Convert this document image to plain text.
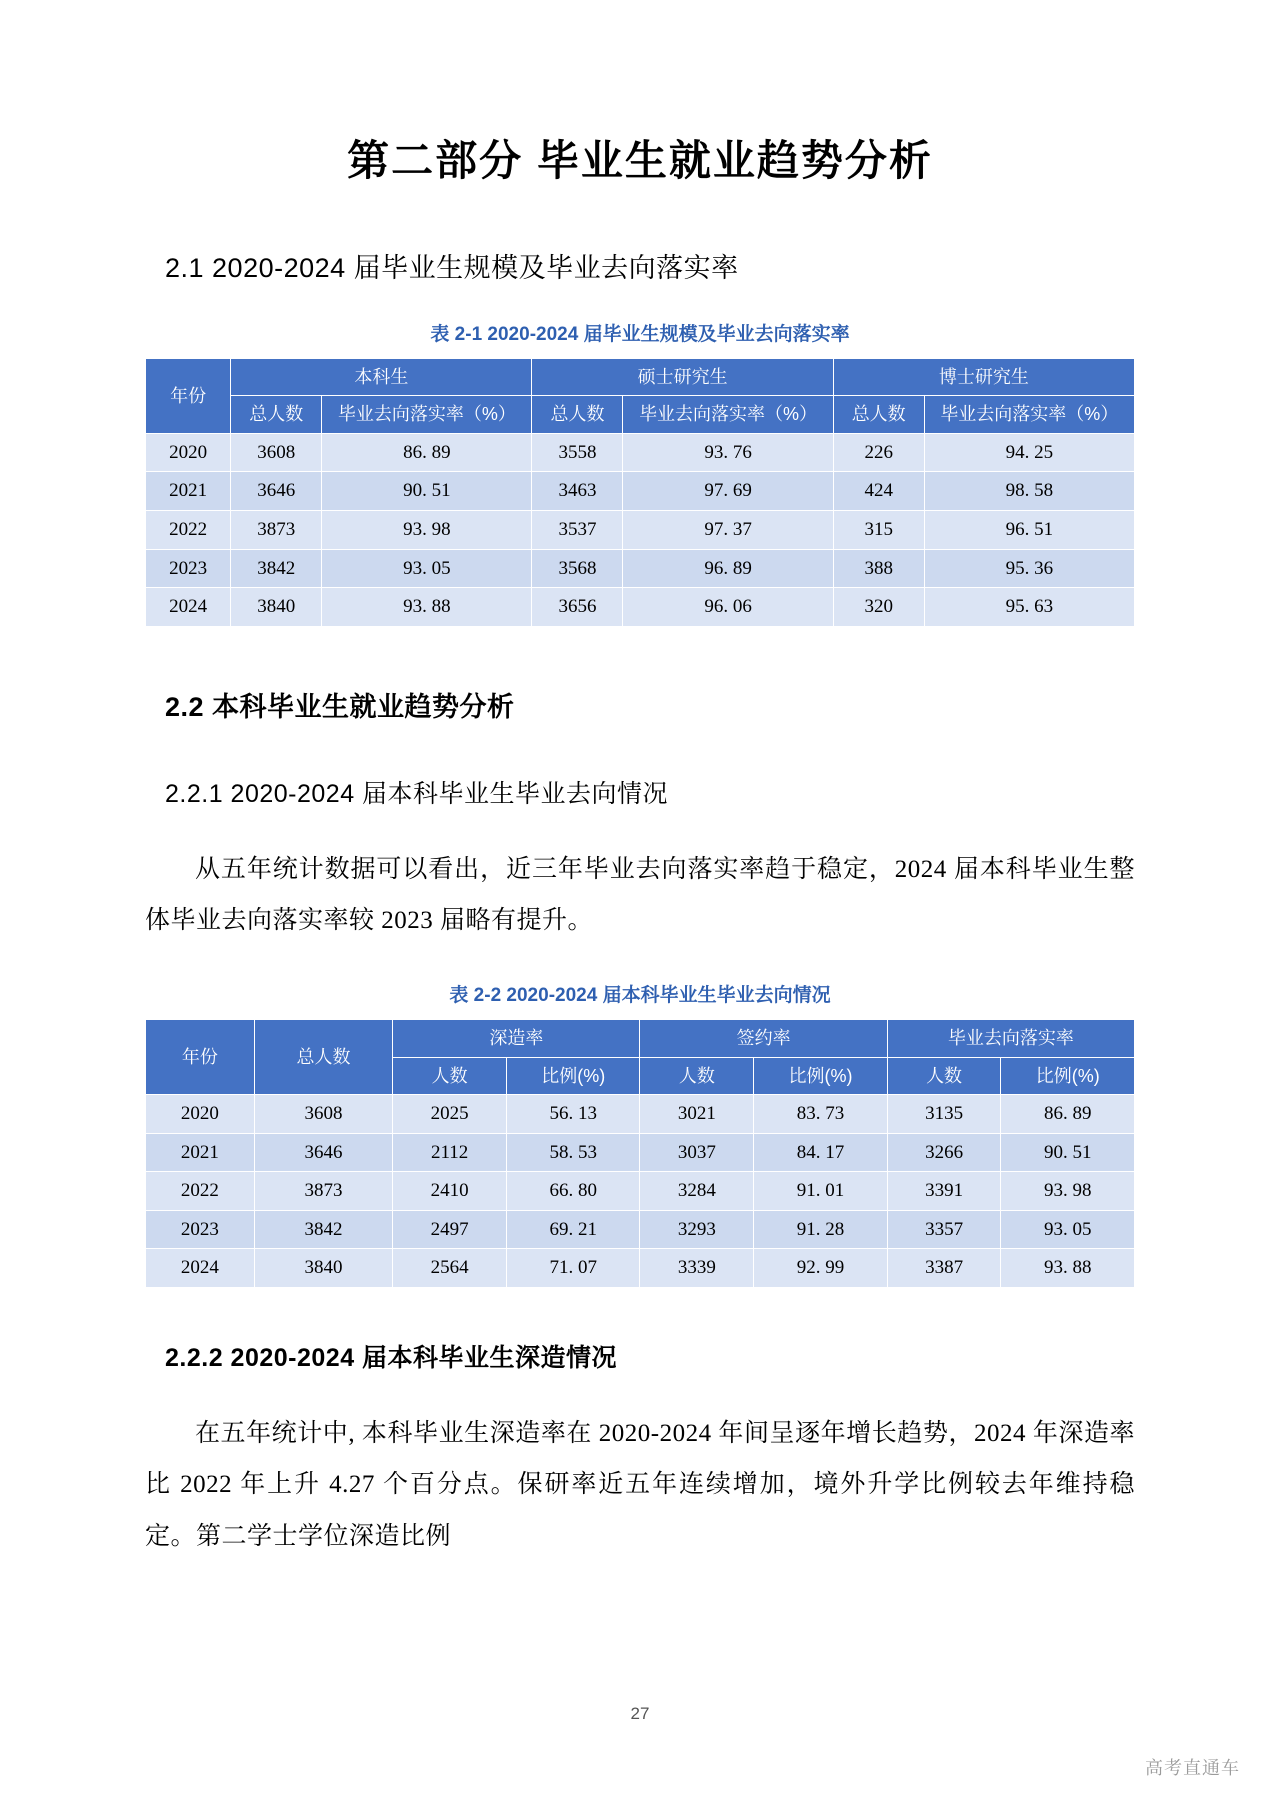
第二部分 毕业生就业趋势分析
2.1 2020-2024 届毕业生规模及毕业去向落实率
表 2-1 2020-2024 届毕业生规模及毕业去向落实率
年份	本科生		硕士研究生		博士研究生	
	总人数	毕业去向落实率（%）	总人数	毕业去向落实率（%）	总人数	毕业去向落实率（%）
2020	3608	86. 89	3558	93. 76	226	94. 25
2021	3646	90. 51	3463	97. 69	424	98. 58
2022	3873	93. 98	3537	97. 37	315	96. 51
2023	3842	93. 05	3568	96. 89	388	95. 36
2024	3840	93. 88	3656	96. 06	320	95. 63
2.2 本科毕业生就业趋势分析
2.2.1 2020-2024 届本科毕业生毕业去向情况

从五年统计数据可以看出，近三年毕业去向落实率趋于稳定，2024 届本科毕业生整体毕业去向落实率较 2023 届略有提升。

表 2-2 2020-2024 届本科毕业生毕业去向情况
年份	总人数	深造率		签约率		毕业去向落实率	
		人数	比例(%)	人数	比例(%)	人数	比例(%)
2020	3608	2025	56. 13	3021	83. 73	3135	86. 89
2021	3646	2112	58. 53	3037	84. 17	3266	90. 51
2022	3873	2410	66. 80	3284	91. 01	3391	93. 98
2023	3842	2497	69. 21	3293	91. 28	3357	93. 05
2024	3840	2564	71. 07	3339	92. 99	3387	93. 88
2.2.2 2020-2024 届本科毕业生深造情况

在五年统计中, 本科毕业生深造率在 2020-2024 年间呈逐年增长趋势，2024 年深造率比 2022 年上升 4.27 个百分点。保研率近五年连续增加，境外升学比例较去年维持稳定。第二学士学位深造比例

27
高考直通车
